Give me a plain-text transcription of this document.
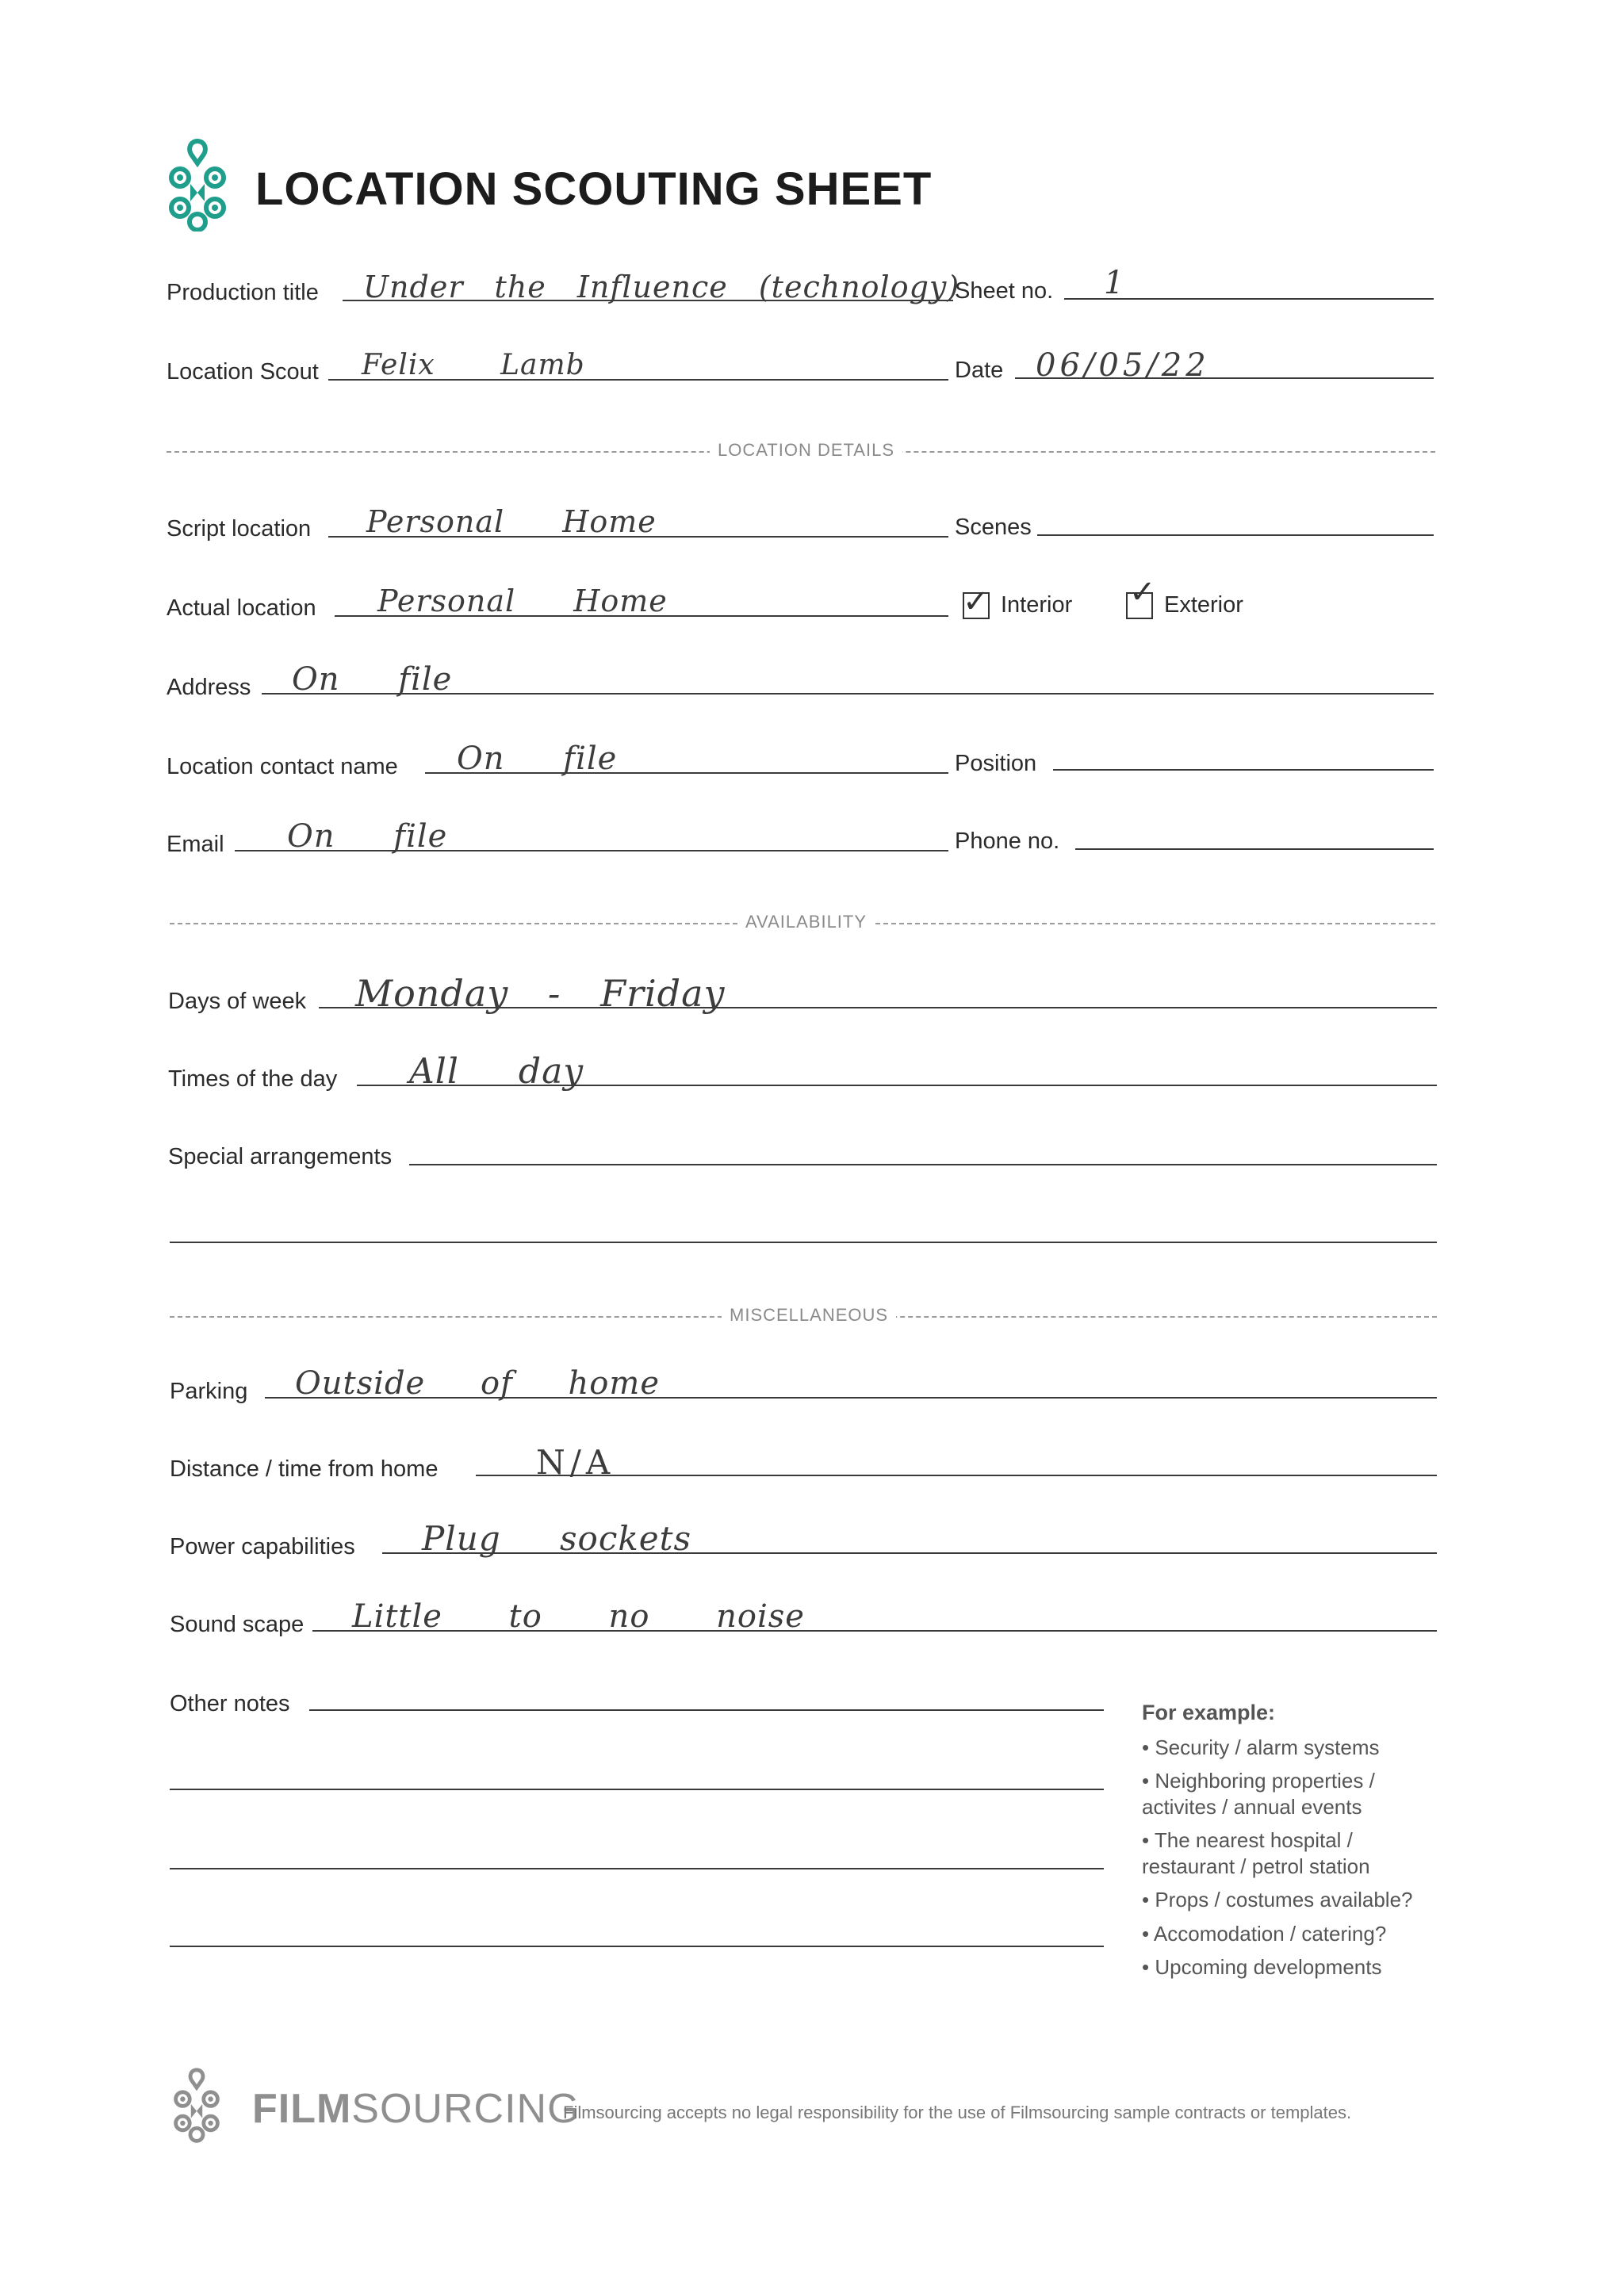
LOCATION SCOUTING SHEET
Production title Under the Influence (technology)
Sheet no. 1
Location Scout Felix Lamb	Date 06/05/22
LOCATION DETAILS
Script location Personal Home	Scenes
Actual location Personal Home	✓ Interior ✓ Exterior
Address On file
Location contact name On file	Position
Email On file	Phone no.
AVAILABILITY
Days of week Monday - Friday
Times of the day All day
Special arrangements
MISCELLANEOUS
Parking Outside of home
Distance / time from home	N/A
Power capabilities Plug sockets
Sound scape Little to no noise
Other notes	For example:
• Security / alarm systems
• Neighboring properties /
activites / annual events
• The nearest hospital /
restaurant / petrol station
• Props / costumes available?
• Accomodation / catering?
• Upcoming developments
FILMSOURCING
Filmsourcing accepts no legal responsibility for the use of Filmsourcing sample contracts or templates.
